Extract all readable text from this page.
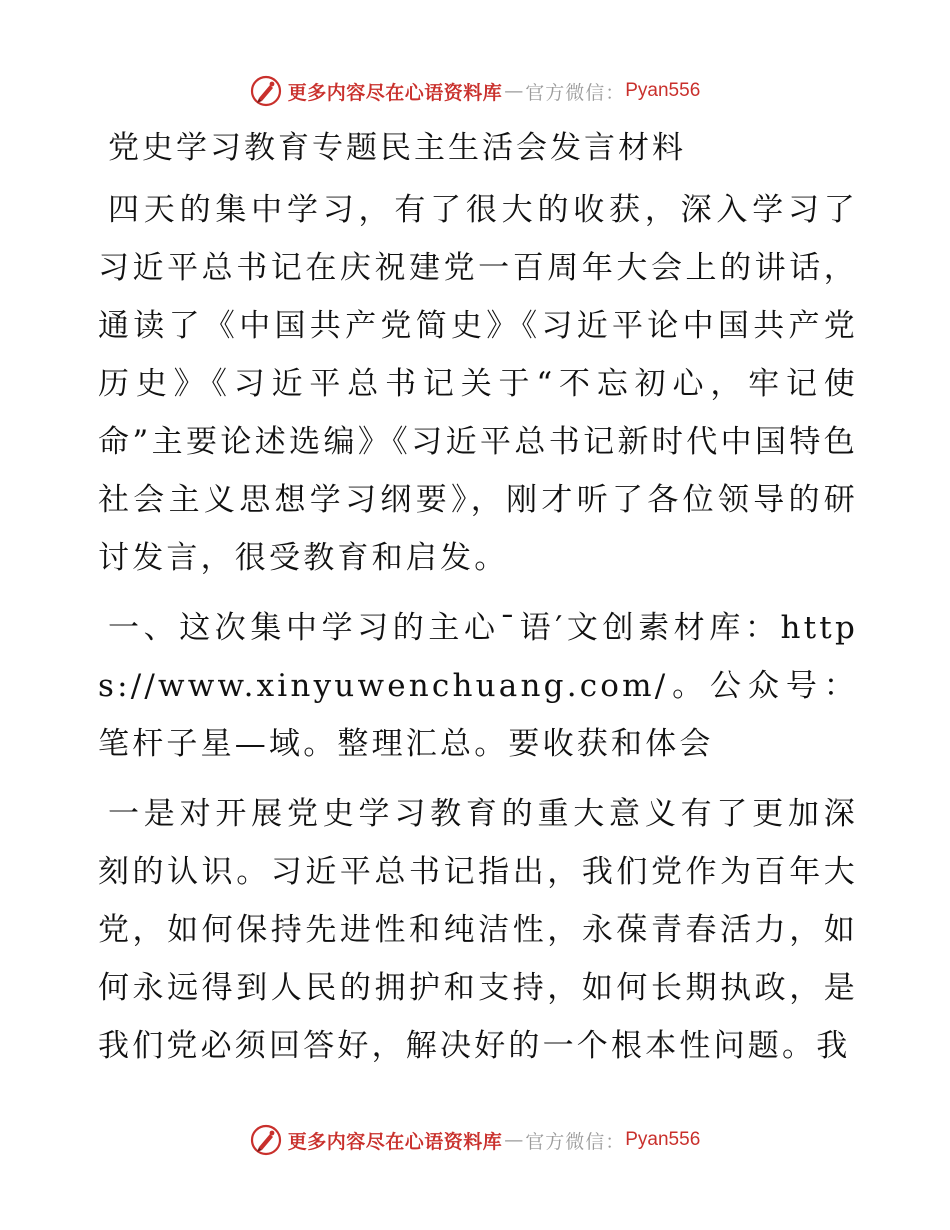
更多内容尽在心语资料库 — 官方微信： Pyan556
党史学习教育专题民主生活会发言材料

四天的集中学习，有了很大的收获，深入学习了习近平总书记在庆祝建党一百周年大会上的讲话，通读了《中国共产党简史》《习近平论中国共产党历史》《习近平总书记关于“不忘初心，牢记使命”主要论述选编》《习近平总书记新时代中国特色社会主义思想学习纲要》，刚才听了各位领导的研讨发言，很受教育和启发。

一、这次集中学习的主心¯语′文创素材库：https://www.xinyuwenchuang.com/。公众号：笔杆子星—域。整理汇总。要收获和体会

一是对开展党史学习教育的重大意义有了更加深刻的认识。习近平总书记指出，我们党作为百年大党，如何保持先进性和纯洁性，永葆青春活力，如何永远得到人民的拥护和支持，如何长期执政，是我们党必须回答好，解决好的一个根本性问题。我

更多内容尽在心语资料库 — 官方微信： Pyan556
